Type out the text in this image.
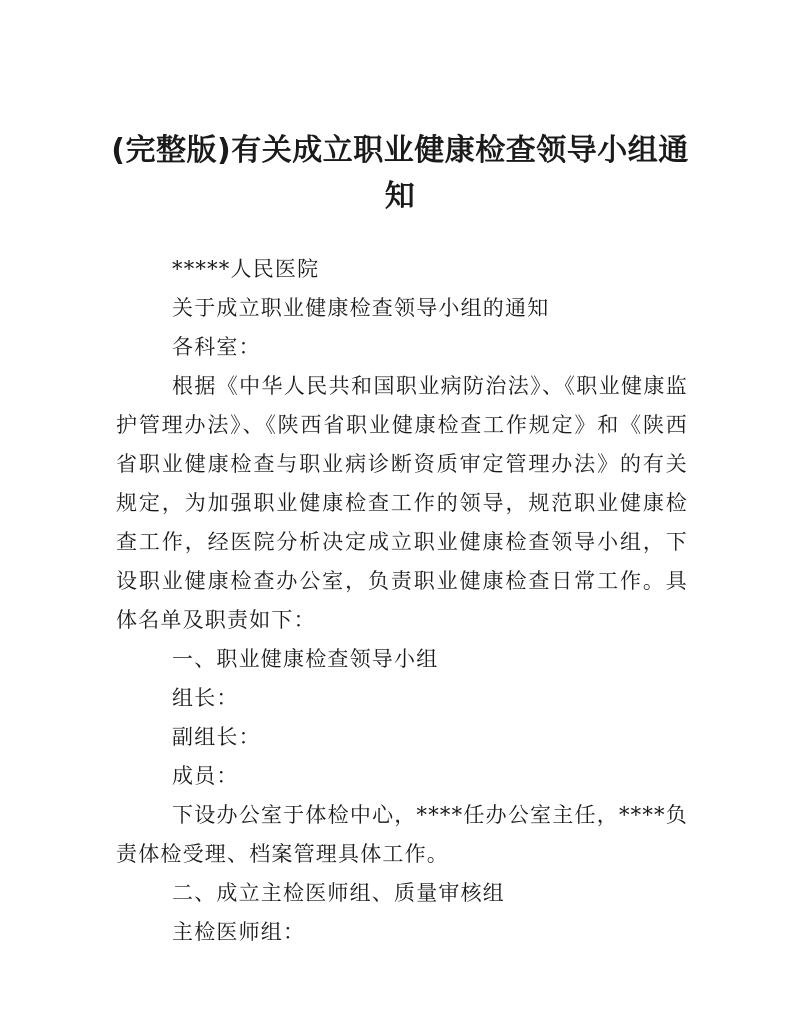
(完整版)有关成立职业健康检查领导小组通知

*****人民医院

关于成立职业健康检查领导小组的通知

各科室：

根据《中华人民共和国职业病防治法》、《职业健康监护管理办法》、《陕西省职业健康检查工作规定》和《陕西省职业健康检查与职业病诊断资质审定管理办法》的有关规定，为加强职业健康检查工作的领导，规范职业健康检查工作，经医院分析决定成立职业健康检查领导小组，下设职业健康检查办公室，负责职业健康检查日常工作。具体名单及职责如下：

一、职业健康检查领导小组

组长：

副组长：

成员：

下设办公室于体检中心，****任办公室主任，****负责体检受理、档案管理具体工作。

二、成立主检医师组、质量审核组

主检医师组：
